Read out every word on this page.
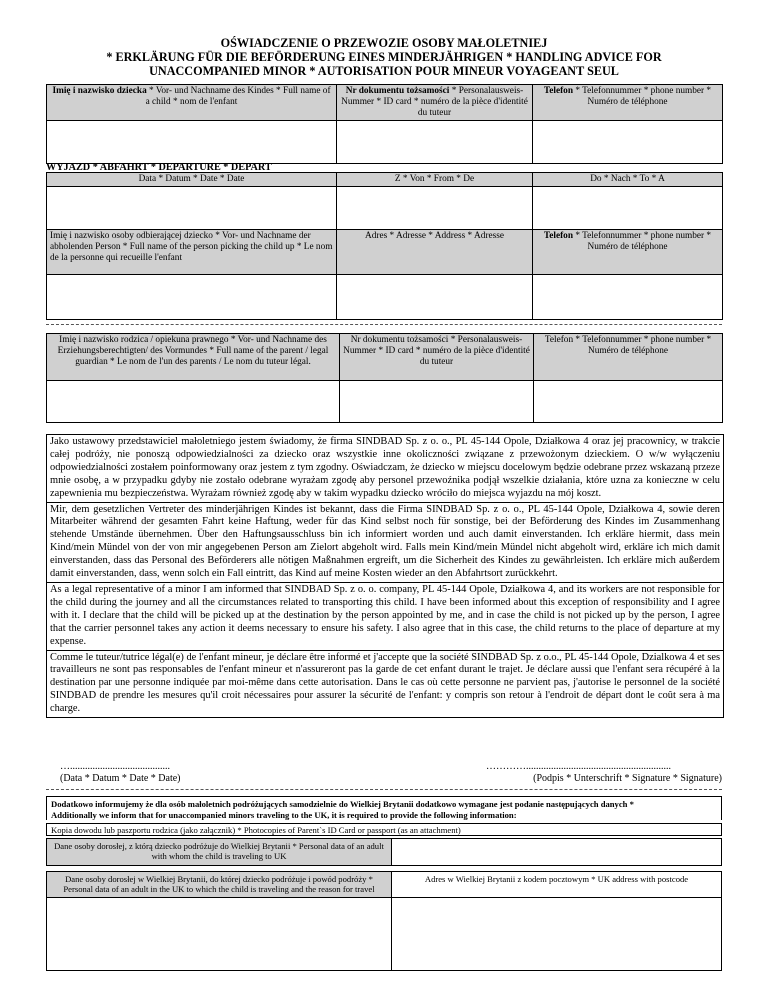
OŚWIADCZENIE O PRZEWOZIE OSOBY MAŁOLETNIEJ
* ERKLÄRUNG FÜR DIE BEFÖRDERUNG EINES MINDERJÄHRIGEN * HANDLING ADVICE FOR
UNACCOMPANIED MINOR * AUTORISATION POUR MINEUR VOYAGEANT SEUL
Imię i nazwisko dziecka * Vor- und Nachname des Kindes * Full name of a child * nom de l'enfant	Nr dokumentu tożsamości * Personalausweis-Nummer * ID card * numéro de la pièce d'identité du tuteur	Telefon * Telefonnummer * phone number * Numéro de téléphone

WYJAZD * ABFAHRT * DEPARTURE * DEPART
Data * Datum * Date * Date	Z * Von * From * De	Do * Nach * To * A

Imię i nazwisko osoby odbierającej dziecko * Vor- und Nachname der abholenden Person * Full name of the person picking the child up * Le nom de la personne qui recueille l'enfant	Adres * Adresse * Address * Adresse	Telefon * Telefonnummer * phone number * Numéro de téléphone

Imię i nazwisko rodzica / opiekuna prawnego * Vor- und Nachname des Erziehungsberechtigten/ des Vormundes * Full name of the parent / legal guardian * Le nom de l'un des parents / Le nom du tuteur légal.	Nr dokumentu tożsamości * Personalausweis-Nummer * ID card * numéro de la pièce d'identité du tuteur	Telefon * Telefonnummer * phone number * Numéro de téléphone

Jako ustawowy przedstawiciel małoletniego jestem świadomy, że firma SINDBAD Sp. z o. o., PL 45-144 Opole, Działkowa 4 oraz jej pracownicy, w trakcie całej podróży, nie ponoszą odpowiedzialności za dziecko oraz wszystkie inne okoliczności związane z przewożonym dzieckiem. O w/w wyłączeniu odpowiedzialności zostałem poinformowany oraz jestem z tym zgodny. Oświadczam, że dziecko w miejscu docelowym będzie odebrane przez wskazaną przeze mnie osobę, a w przypadku gdyby nie zostało odebrane wyrażam zgodę aby personel przewoźnika podjął wszelkie działania, które uzna za konieczne w celu zapewnienia mu bezpieczeństwa. Wyrażam również zgodę aby w takim wypadku dziecko wróciło do miejsca wyjazdu na mój koszt.
Mir, dem gesetzlichen Vertreter des minderjährigen Kindes ist bekannt, dass die Firma SINDBAD Sp. z o. o., PL 45-144 Opole, Działkowa 4, sowie deren Mitarbeiter während der gesamten Fahrt keine Haftung, weder für das Kind selbst noch für sonstige, bei der Beförderung des Kindes im Zusammenhang stehende Umstände übernehmen. Über den Haftungsausschluss bin ich informiert worden und auch damit einverstanden. Ich erkläre hiermit, dass mein Kind/mein Mündel von der von mir angegebenen Person am Zielort abgeholt wird. Falls mein Kind/mein Mündel nicht abgeholt wird, erkläre ich mich damit einverstanden, dass das Personal des Beförderers alle nötigen Maßnahmen ergreift, um die Sicherheit des Kindes zu gewährleisten. Ich erkläre mich außerdem damit einverstanden, dass, wenn solch ein Fall eintritt, das Kind auf meine Kosten wieder an den Abfahrtsort zurückkehrt.
As a legal representative of a minor I am informed that SINDBAD Sp. z o. o. company, PL 45-144 Opole, Działkowa 4, and its workers are not responsible for the child during the journey and all the circumstances related to transporting this child. I have been informed about this exception of responsibility and I agree with it. I declare that the child will be picked up at the destination by the person appointed by me, and in case the child is not picked up by the person, I agree that the carrier personnel takes any action it deems necessary to ensure his safety. I also agree that in this case, the child returns to the place of departure at my expense.
Comme le tuteur/tutrice légal(e) de l'enfant mineur, je déclare être informé et j'accepte que la société SINDBAD Sp. z o.o., PL 45-144 Opole, Dzialkowa 4 et ses travailleurs ne sont pas responsables de l'enfant mineur et n'assureront pas la garde de cet enfant durant le trajet. Je déclare aussi que l'enfant sera récupéré à la destination par une personne indiquée par moi-même dans cette autorisation. Dans le cas où cette personne ne parvient pas, j'autorise le personnel de la société SINDBAD de prendre les mesures qu'il croit nécessaires pour assurer la sécurité de l'enfant: y compris son retour à l'endroit de départ dont le coût sera à ma charge.
…........................................
(Data * Datum * Date * Date)
…………..........................................................
(Podpis * Unterschrift * Signature * Signature)
Dodatkowo informujemy że dla osób małoletnich podróżujących samodzielnie do Wielkiej Brytanii dodatkowo wymagane jest podanie następujących danych *
Additionally we inform that for unaccompanied minors traveling to the UK, it is required to provide the following information:
Kopia dowodu lub paszportu rodzica (jako załącznik) * Photocopies of Parent`s ID Card or passport (as an attachment)
Dane osoby dorosłej, z którą dziecko podróżuje do Wielkiej Brytanii * Personal data of an adult with whom the child is traveling to UK
Dane osoby dorosłej w Wielkiej Brytanii, do której dziecko podróżuje i powód podróży * Personal data of an adult in the UK to which the child is traveling and the reason for travel
Adres w Wielkiej Brytanii z kodem pocztowym * UK address with postcode
